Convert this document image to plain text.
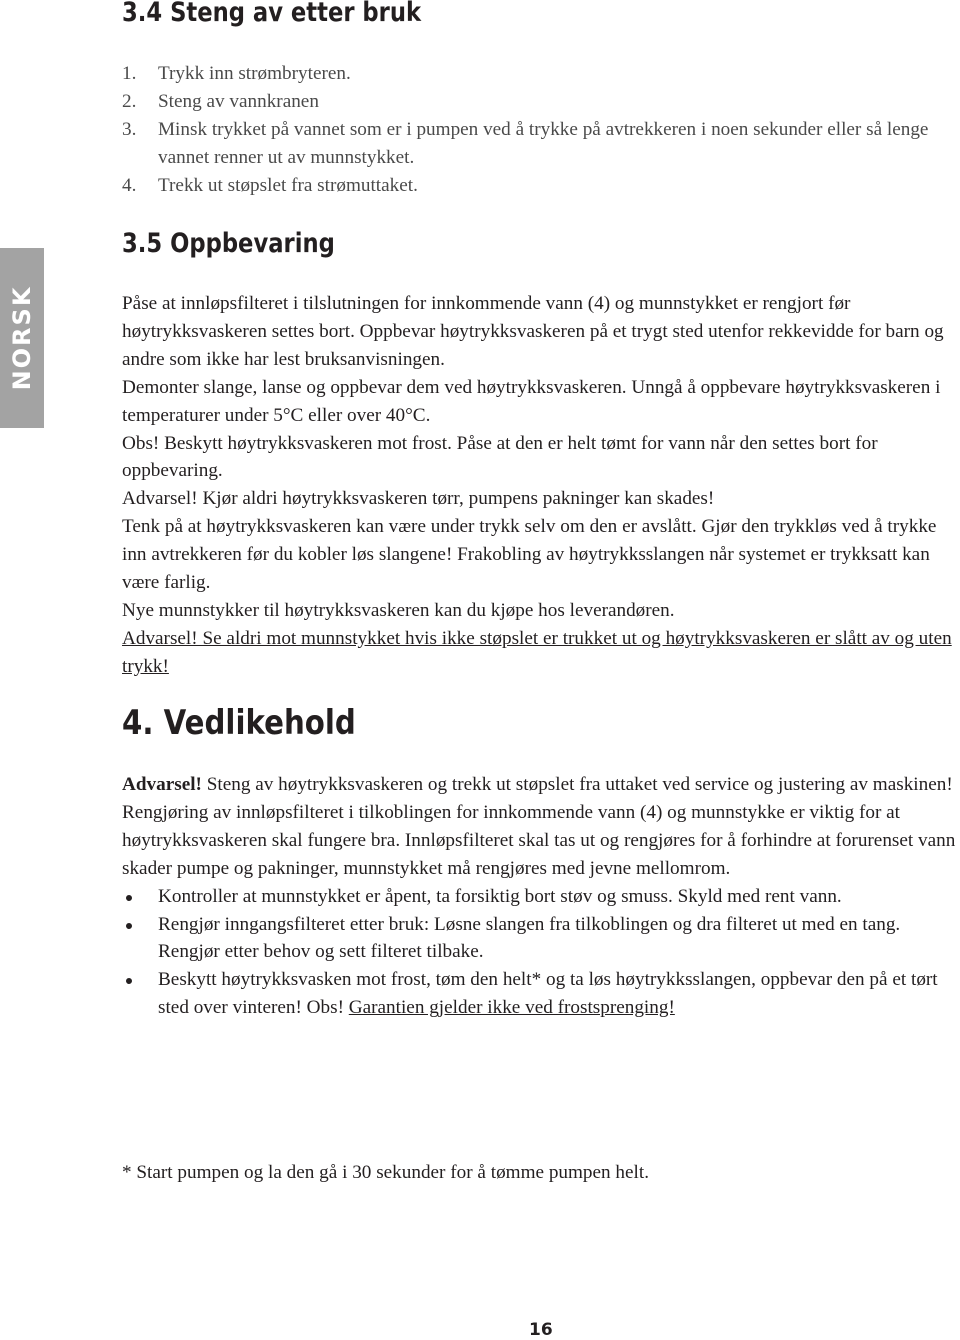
NORSK
3.4 Steng av etter bruk
1. Trykk inn strømbryteren.
2. Steng av vannkranen
3. Minsk trykket på vannet som er i pumpen ved å trykke på avtrekkeren i noen sekunder eller så lenge vannet renner ut av munnstykket.
4. Trekk ut støpslet fra strømuttaket.
3.5 Oppbevaring

Påse at innløpsfilteret i tilslutningen for innkommende vann (4) og munnstykket er rengjort før høytrykksvaskeren settes bort. Oppbevar høytrykksvaskeren på et trygt sted utenfor rekkevidde for barn og andre som ikke har lest bruksanvisningen.

Demonter slange, lanse og oppbevar dem ved høytrykksvaskeren. Unngå å oppbevare høytrykksvaskeren i temperaturer under 5°C eller over 40°C.

Obs! Beskytt høytrykksvaskeren mot frost. Påse at den er helt tømt for vann når den settes bort for oppbevaring.

Advarsel! Kjør aldri høytrykksvaskeren tørr, pumpens pakninger kan skades!

Tenk på at høytrykksvaskeren kan være under trykk selv om den er avslått. Gjør den trykkløs ved å trykke inn avtrekkeren før du kobler løs slangene! Frakobling av høytrykksslangen når systemet er trykksatt kan være farlig.

Nye munnstykker til høytrykksvaskeren kan du kjøpe hos leverandøren.

Advarsel! Se aldri mot munnstykket hvis ikke støpslet er trukket ut og høytrykksvaskeren er slått av og uten trykk!

4. Vedlikehold

Advarsel! Steng av høytrykksvaskeren og trekk ut støpslet fra uttaket ved service og justering av maskinen!

Rengjøring av innløpsfilteret i tilkoblingen for innkommende vann (4) og munnstykke er viktig for at høytrykksvaskeren skal fungere bra. Innløpsfilteret skal tas ut og rengjøres for å forhindre at forurenset vann skader pumpe og pakninger, munnstykket må rengjøres med jevne mellomrom.

Kontroller at munnstykket er åpent, ta forsiktig bort støv og smuss. Skyld med rent vann.
Rengjør inngangsfilteret etter bruk: Løsne slangen fra tilkoblingen og dra filteret ut med en tang. Rengjør etter behov og sett filteret tilbake.
Beskytt høytrykksvasken mot frost, tøm den helt* og ta løs høytrykksslangen, oppbevar den på et tørt sted over vinteren! Obs! Garantien gjelder ikke ved frostsprenging!

* Start pumpen og la den gå i 30 sekunder for å tømme pumpen helt.

16
